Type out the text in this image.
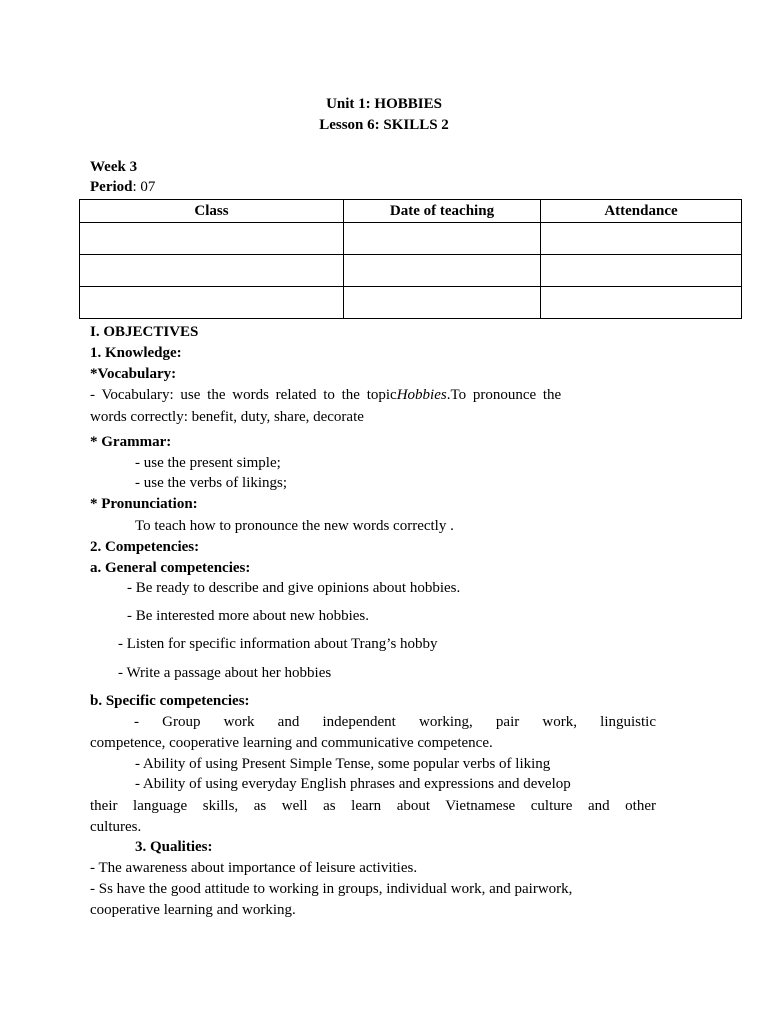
Unit 1: HOBBIES
Lesson 6: SKILLS 2
Week 3
Period: 07
Class	Date of teaching	Attendance

I. OBJECTIVES
1. Knowledge:
*Vocabulary:
- Vocabulary: use the words related to the topic Hobbies.To pronounce the
words correctly: benefit, duty, share, decorate
* Grammar:
- use the present simple;
- use the verbs of likings;
* Pronunciation:
To teach how to pronounce the new words correctly .
2. Competencies:
a. General competencies:
- Be ready to describe and give opinions about hobbies.
- Be interested more about new hobbies.
- Listen for specific information about Trang’s hobby
- Write a passage about her hobbies
b. Specific competencies:
- Group work and independent working, pair work, linguistic
competence, cooperative learning and communicative competence.
- Ability of using Present Simple Tense, some popular verbs of liking
- Ability of using everyday English phrases and expressions and develop
their language skills, as well as learn about Vietnamese culture and other
cultures.
3. Qualities:
- The awareness about importance of leisure activities.
- Ss have the good attitude to working in groups, individual work, and pairwork,
cooperative learning and working.
